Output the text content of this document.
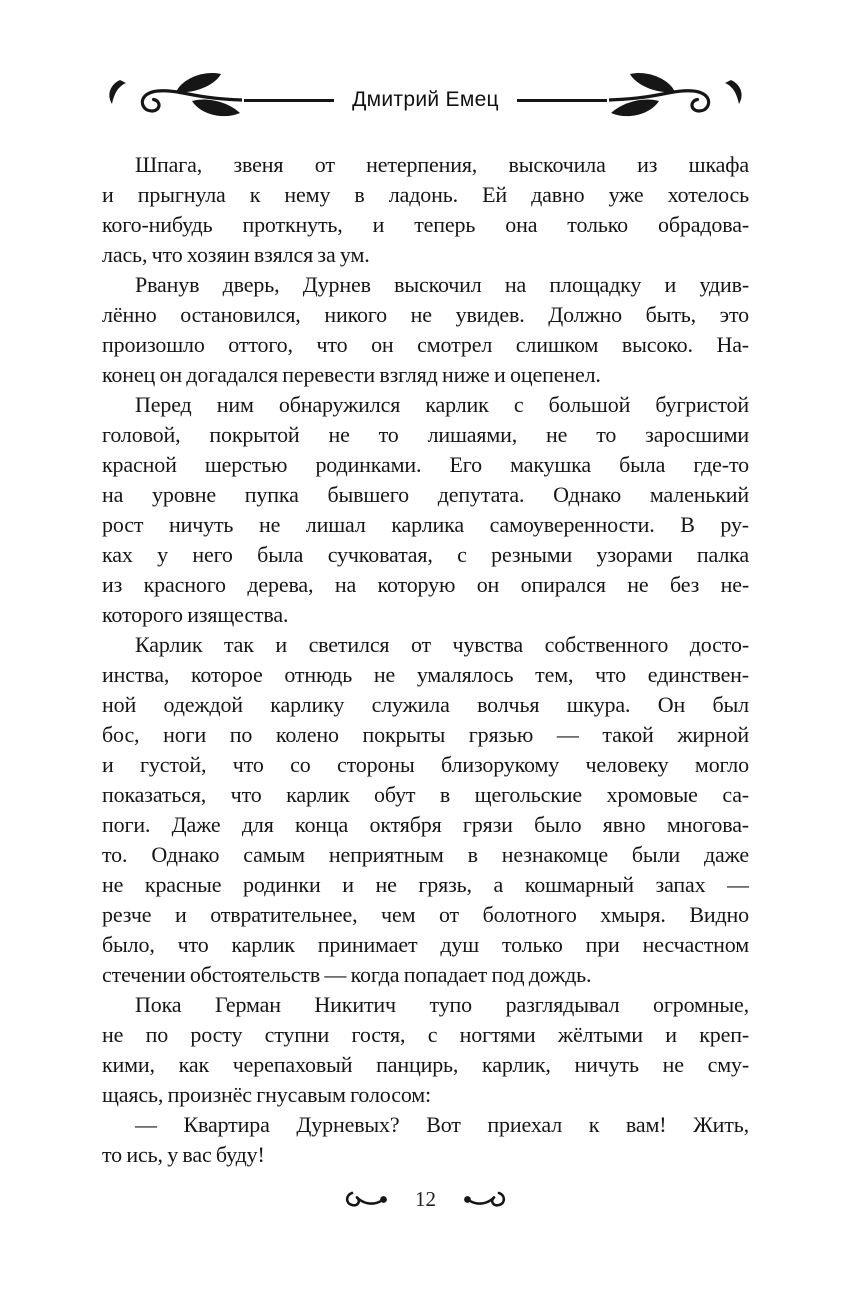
Дмитрий Емец
Шпага, звеня от нетерпения, выскочила из шкафа
и прыгнула к нему в ладонь. Ей давно уже хотелось
кого-нибудь проткнуть, и теперь она только обрадова-
лась, что хозяин взялся за ум.
Рванув дверь, Дурнев выскочил на площадку и удив-
лённо остановился, никого не увидев. Должно быть, это
произошло оттого, что он смотрел слишком высоко. На-
конец он догадался перевести взгляд ниже и оцепенел.
Перед ним обнаружился карлик с большой бугристой
головой, покрытой не то лишаями, не то заросшими
красной шерстью родинками. Его макушка была где-то
на уровне пупка бывшего депутата. Однако маленький
рост ничуть не лишал карлика самоуверенности. В ру-
ках у него была сучковатая, с резными узорами палка
из красного дерева, на которую он опирался не без не-
которого изящества.
Карлик так и светился от чувства собственного досто-
инства, которое отнюдь не умалялось тем, что единствен-
ной одеждой карлику служила волчья шкура. Он был
бос, ноги по колено покрыты грязью — такой жирной
и густой, что со стороны близорукому человеку могло
показаться, что карлик обут в щегольские хромовые са-
поги. Даже для конца октября грязи было явно многова-
то. Однако самым неприятным в незнакомце были даже
не красные родинки и не грязь, а кошмарный запах —
резче и отвратительнее, чем от болотного хмыря. Видно
было, что карлик принимает душ только при несчастном
стечении обстоятельств — когда попадает под дождь.
Пока Герман Никитич тупо разглядывал огромные,
не по росту ступни гостя, с ногтями жёлтыми и креп-
кими, как черепаховый панцирь, карлик, ничуть не сму-
щаясь, произнёс гнусавым голосом:
— Квартира Дурневых? Вот приехал к вам! Жить,
то ись, у вас буду!
12
